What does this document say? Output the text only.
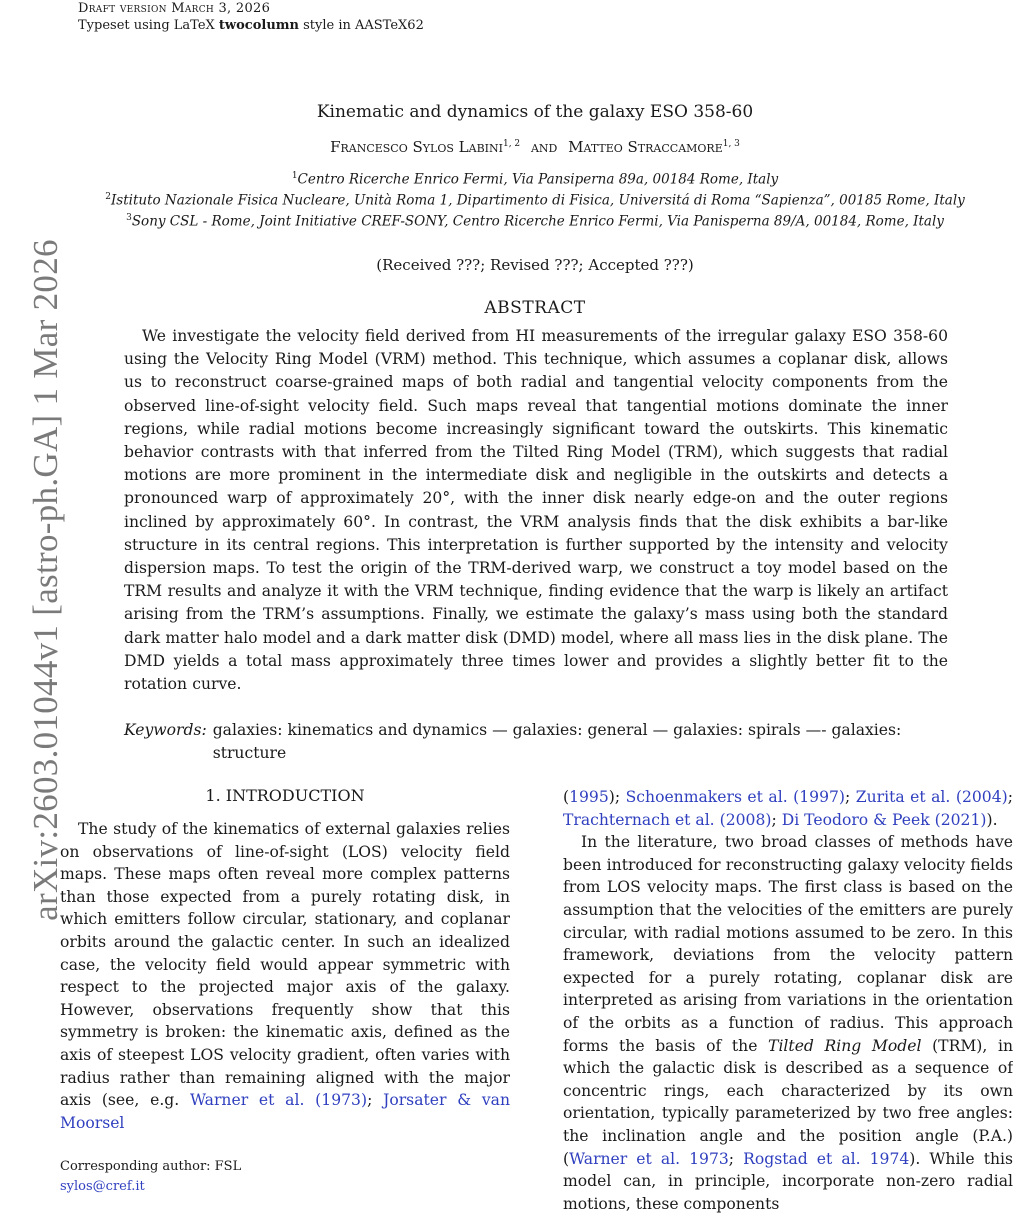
Draft version March 3, 2026
Typeset using LaTeX twocolumn style in AASTeX62
arXiv:2603.01044v1 [astro-ph.GA] 1 Mar 2026
Kinematic and dynamics of the galaxy ESO 358-60
Francesco Sylos Labini$^{1, 2}$ and Matteo Straccamore$^{1, 3}$
$^1$Centro Ricerche Enrico Fermi, Via Pansiperna 89a, 00184 Rome, Italy
$^2$Istituto Nazionale Fisica Nucleare, Unità Roma 1, Dipartimento di Fisica, Universitá di Roma “Sapienza”, 00185 Rome, Italy
$^3$Sony CSL - Rome, Joint Initiative CREF-SONY, Centro Ricerche Enrico Fermi, Via Panisperna 89/A, 00184, Rome, Italy
(Received ???; Revised ???; Accepted ???)
ABSTRACT
We investigate the velocity field derived from HI measurements of the irregular galaxy ESO 358-60 using the Velocity Ring Model (VRM) method. This technique, which assumes a coplanar disk, allows us to reconstruct coarse-grained maps of both radial and tangential velocity components from the observed line-of-sight velocity field. Such maps reveal that tangential motions dominate the inner regions, while radial motions become increasingly significant toward the outskirts. This kinematic behavior contrasts with that inferred from the Tilted Ring Model (TRM), which suggests that radial motions are more prominent in the intermediate disk and negligible in the outskirts and detects a pronounced warp of approximately 20°, with the inner disk nearly edge-on and the outer regions inclined by approximately 60°. In contrast, the VRM analysis finds that the disk exhibits a bar-like structure in its central regions. This interpretation is further supported by the intensity and velocity dispersion maps. To test the origin of the TRM-derived warp, we construct a toy model based on the TRM results and analyze it with the VRM technique, finding evidence that the warp is likely an artifact arising from the TRM’s assumptions. Finally, we estimate the galaxy’s mass using both the standard dark matter halo model and a dark matter disk (DMD) model, where all mass lies in the disk plane. The DMD yields a total mass approximately three times lower and provides a slightly better fit to the rotation curve.
Keywords: galaxies: kinematics and dynamics — galaxies: general — galaxies: spirals —- galaxies: structure
1. INTRODUCTION

The study of the kinematics of external galaxies relies on observations of line-of-sight (LOS) velocity field maps. These maps often reveal more complex patterns than those expected from a purely rotating disk, in which emitters follow circular, stationary, and coplanar orbits around the galactic center. In such an idealized case, the velocity field would appear symmetric with respect to the projected major axis of the galaxy. However, observations frequently show that this symmetry is broken: the kinematic axis, defined as the axis of steepest LOS velocity gradient, often varies with radius rather than remaining aligned with the major axis (see, e.g. Warner et al. (1973); Jorsater & van Moorsel

(1995); Schoenmakers et al. (1997); Zurita et al. (2004); Trachternach et al. (2008); Di Teodoro & Peek (2021)).

In the literature, two broad classes of methods have been introduced for reconstructing galaxy velocity fields from LOS velocity maps. The first class is based on the assumption that the velocities of the emitters are purely circular, with radial motions assumed to be zero. In this framework, deviations from the velocity pattern expected for a purely rotating, coplanar disk are interpreted as arising from variations in the orientation of the orbits as a function of radius. This approach forms the basis of the Tilted Ring Model (TRM), in which the galactic disk is described as a sequence of concentric rings, each characterized by its own orientation, typically parameterized by two free angles: the inclination angle and the position angle (P.A.)(Warner et al. 1973; Rogstad et al. 1974). While this model can, in principle, incorporate non-zero radial motions, these components

Corresponding author: FSL
sylos@cref.it
